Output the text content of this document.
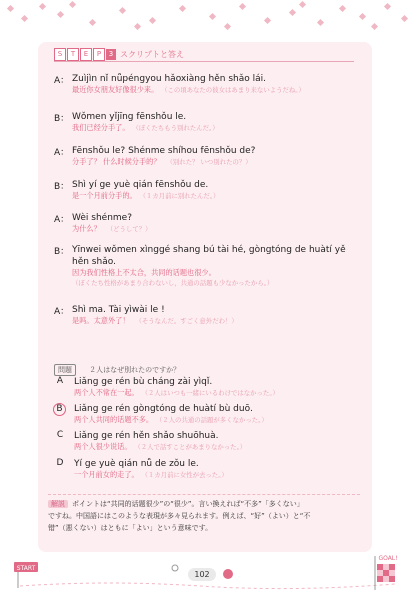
S	T	E	P	3 スクリプトと答え
A： Zuìjìn nǐ nǚpéngyou hǎoxiàng hěn shǎo lái.
最近你女朋友好像很少来。 （この頃あなたの彼女はあまり来ないようだね。）
B： Wǒmen yǐjīng fēnshǒu le.
我们已经分手了。 （ぼくたちもう別れたんだ。）
A： Fēnshǒu le? Shénme shíhou fēnshǒu de?
分手了？ 什么时候分手的？ （別れた？ いつ別れたの？）
B： Shì yí ge yuè qián fēnshǒu de.
是一个月前分手的。 （１カ月前に別れたんだ。）
A： Wèi shénme?
为什么？ （どうして？）
B： Yīnwei wǒmen xìnggé shang bú tài hé, gòngtóng de huàtí yě hěn shǎo.
因为我们性格上不太合，共同的话题也很少。
（ぼくたち性格があまり合わないし，共通の話題も少なかったから。）
A： Shì ma. Tài yìwài le !
是吗。太意外了！ （そうなんだ。すごく意外だわ！）
問題 ２人はなぜ別れたのですか？
A	Liǎng ge rén bù cháng zài yìqǐ.
两个人不常在一起。 （２人はいつも一緒にいるわけではなかった。）
B	Liǎng ge rén gòngtóng de huàtí bù duō.
两个人共同的话题不多。 （２人の共通の話題が多くなかった。）
C	Liǎng ge rén hěn shǎo shuōhuà.
两个人很少说话。 （２人で話すことがあまりなかった。）
D Yí ge yuè qián nǚ de zǒu le.
一个月前女的走了。 （１カ月前に女性が去った。）

解説 ポイントは“共同的话题很少”の“很少”。言い換えれば“不多”「多くない」

ですね。中国語にはこのような表現が多々見られます。例えば、“好”（よい）と“不

错”（悪くない）はともに「よい」という意味です。

START
GOAL!
102
